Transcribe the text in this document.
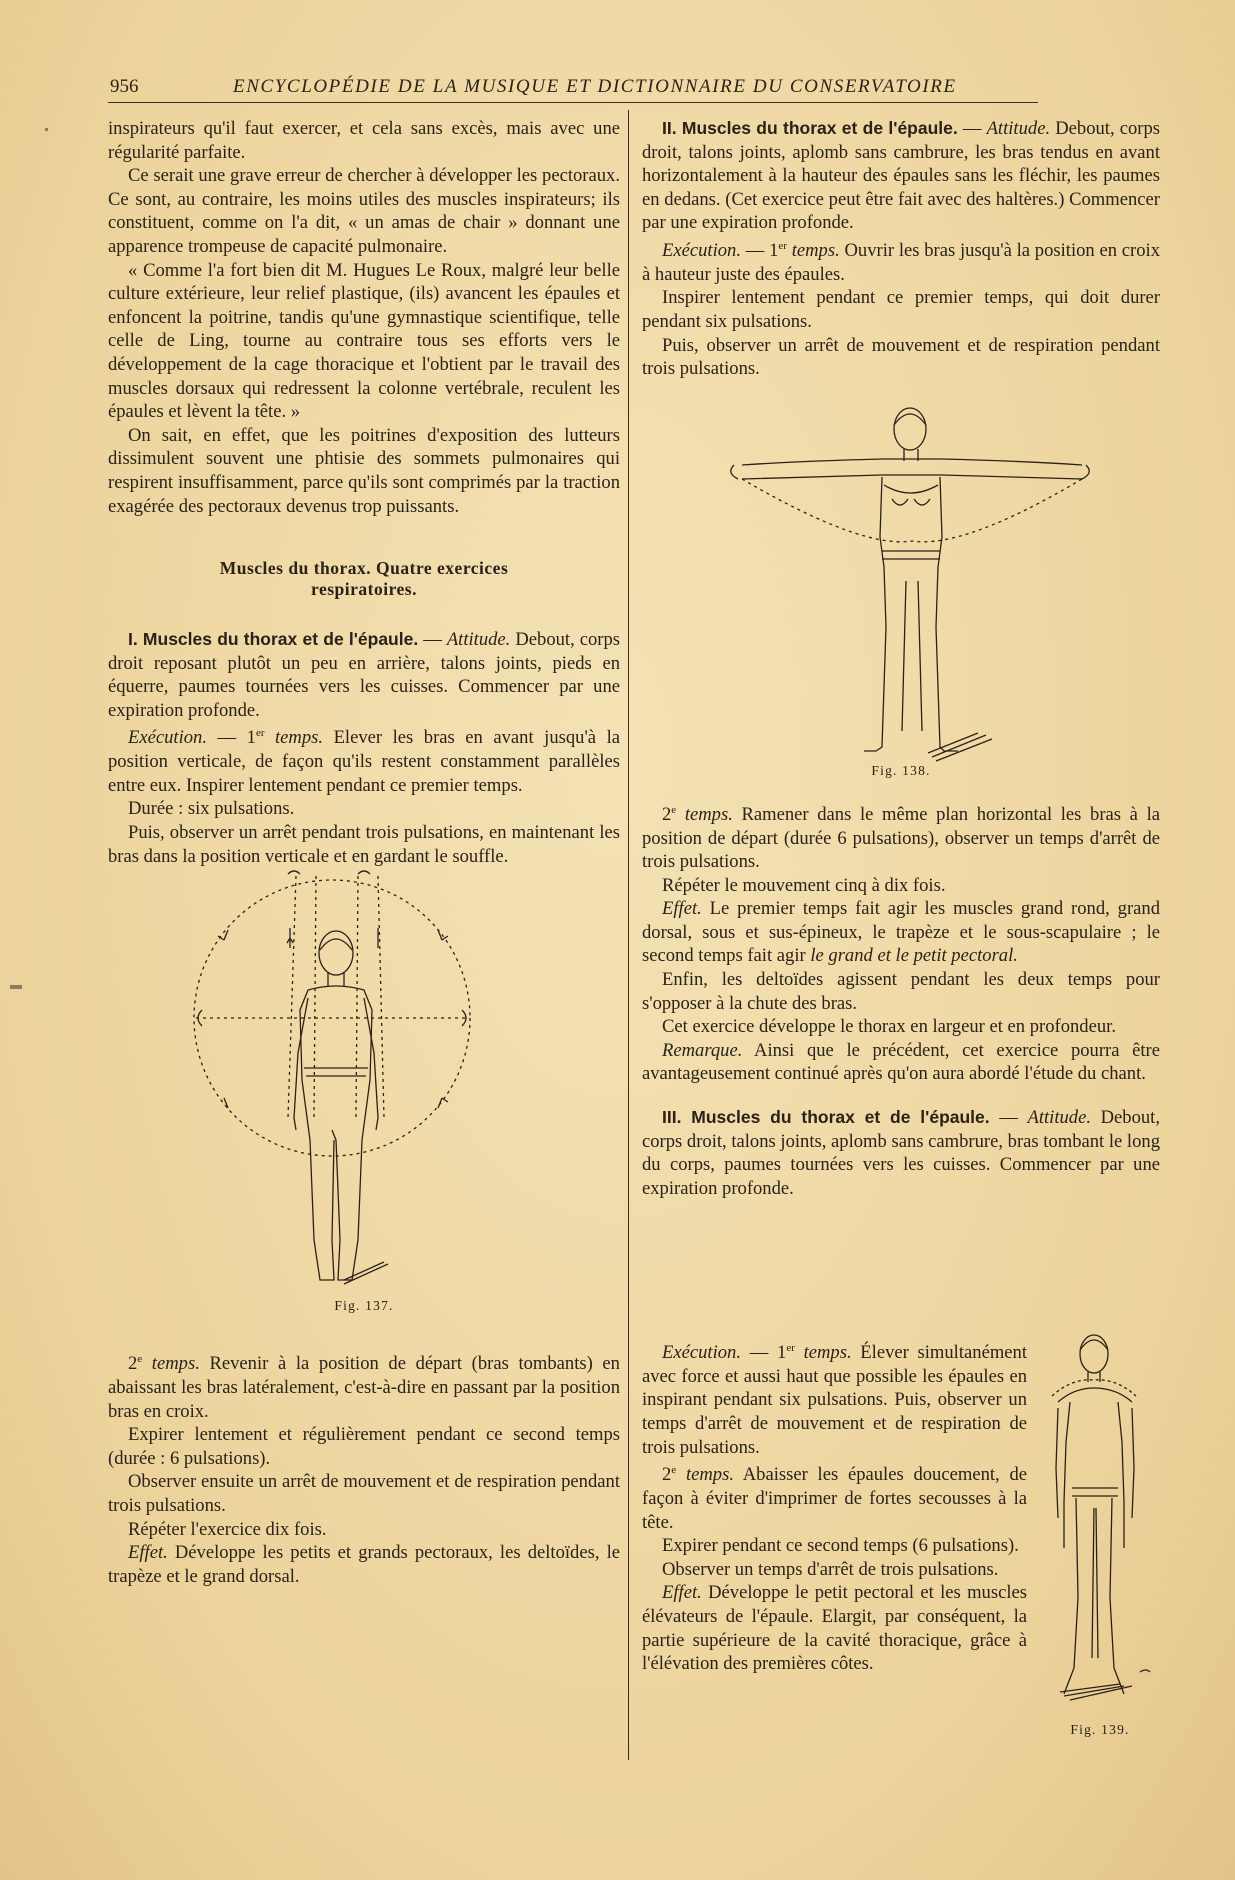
956	ENCYCLOPÉDIE DE LA MUSIQUE ET DICTIONNAIRE DU CONSERVATOIRE

inspirateurs qu'il faut exercer, et cela sans excès, mais avec une régularité parfaite.

Ce serait une grave erreur de chercher à développer les pectoraux. Ce sont, au contraire, les moins utiles des muscles inspirateurs; ils constituent, comme on l'a dit, « un amas de chair » donnant une apparence trompeuse de capacité pulmonaire.

« Comme l'a fort bien dit M. Hugues Le Roux, malgré leur belle culture extérieure, leur relief plastique, (ils) avancent les épaules et enfoncent la poitrine, tandis qu'une gymnastique scientifique, telle celle de Ling, tourne au contraire tous ses efforts vers le développement de la cage thoracique et l'obtient par le travail des muscles dorsaux qui redressent la colonne vertébrale, reculent les épaules et lèvent la tête. »

On sait, en effet, que les poitrines d'exposition des lutteurs dissimulent souvent une phtisie des sommets pulmonaires qui respirent insuffisamment, parce qu'ils sont comprimés par la traction exagérée des pectoraux devenus trop puissants.

Muscles du thorax. Quatre exercices respiratoires.

I. Muscles du thorax et de l'épaule. — Attitude. Debout, corps droit reposant plutôt un peu en arrière, talons joints, pieds en équerre, paumes tournées vers les cuisses. Commencer par une expiration profonde.

Exécution. — 1er temps. Elever les bras en avant jusqu'à la position verticale, de façon qu'ils restent constamment parallèles entre eux. Inspirer lentement pendant ce premier temps.

Durée : six pulsations.

Puis, observer un arrêt pendant trois pulsations, en maintenant les bras dans la position verticale et en gardant le souffle.

Fig. 137.

2e temps. Revenir à la position de départ (bras tombants) en abaissant les bras latéralement, c'est-à-dire en passant par la position bras en croix.

Expirer lentement et régulièrement pendant ce second temps (durée : 6 pulsations).

Observer ensuite un arrêt de mouvement et de respiration pendant trois pulsations.

Répéter l'exercice dix fois.

Effet. Développe les petits et grands pectoraux, les deltoïdes, le trapèze et le grand dorsal.

II. Muscles du thorax et de l'épaule. — Attitude. Debout, corps droit, talons joints, aplomb sans cambrure, les bras tendus en avant horizontalement à la hauteur des épaules sans les fléchir, les paumes en dedans. (Cet exercice peut être fait avec des haltères.) Commencer par une expiration profonde.

Exécution. — 1er temps. Ouvrir les bras jusqu'à la position en croix à hauteur juste des épaules.

Inspirer lentement pendant ce premier temps, qui doit durer pendant six pulsations.

Puis, observer un arrêt de mouvement et de respiration pendant trois pulsations.

Fig. 138.

2e temps. Ramener dans le même plan horizontal les bras à la position de départ (durée 6 pulsations), observer un temps d'arrêt de trois pulsations.

Répéter le mouvement cinq à dix fois.

Effet. Le premier temps fait agir les muscles grand rond, grand dorsal, sous et sus-épineux, le trapèze et le sous-scapulaire ; le second temps fait agir le grand et le petit pectoral.

Enfin, les deltoïdes agissent pendant les deux temps pour s'opposer à la chute des bras.

Cet exercice développe le thorax en largeur et en profondeur.

Remarque. Ainsi que le précédent, cet exercice pourra être avantageusement continué après qu'on aura abordé l'étude du chant.

III. Muscles du thorax et de l'épaule. — Attitude. Debout, corps droit, talons joints, aplomb sans cambrure, bras tombant le long du corps, paumes tournées vers les cuisses. Commencer par une expiration profonde.

Exécution. — 1er temps. Élever simultanément avec force et aussi haut que possible les épaules en inspirant pendant six pulsations. Puis, observer un temps d'arrêt de mouvement et de respiration de trois pulsations.

2e temps. Abaisser les épaules doucement, de façon à éviter d'imprimer de fortes secousses à la tête.

Expirer pendant ce second temps (6 pulsations).

Observer un temps d'arrêt de trois pulsations.

Effet. Développe le petit pectoral et les muscles élévateurs de l'épaule. Elargit, par conséquent, la partie supérieure de la cavité thoracique, grâce à l'élévation des premières côtes.

Fig. 139.
